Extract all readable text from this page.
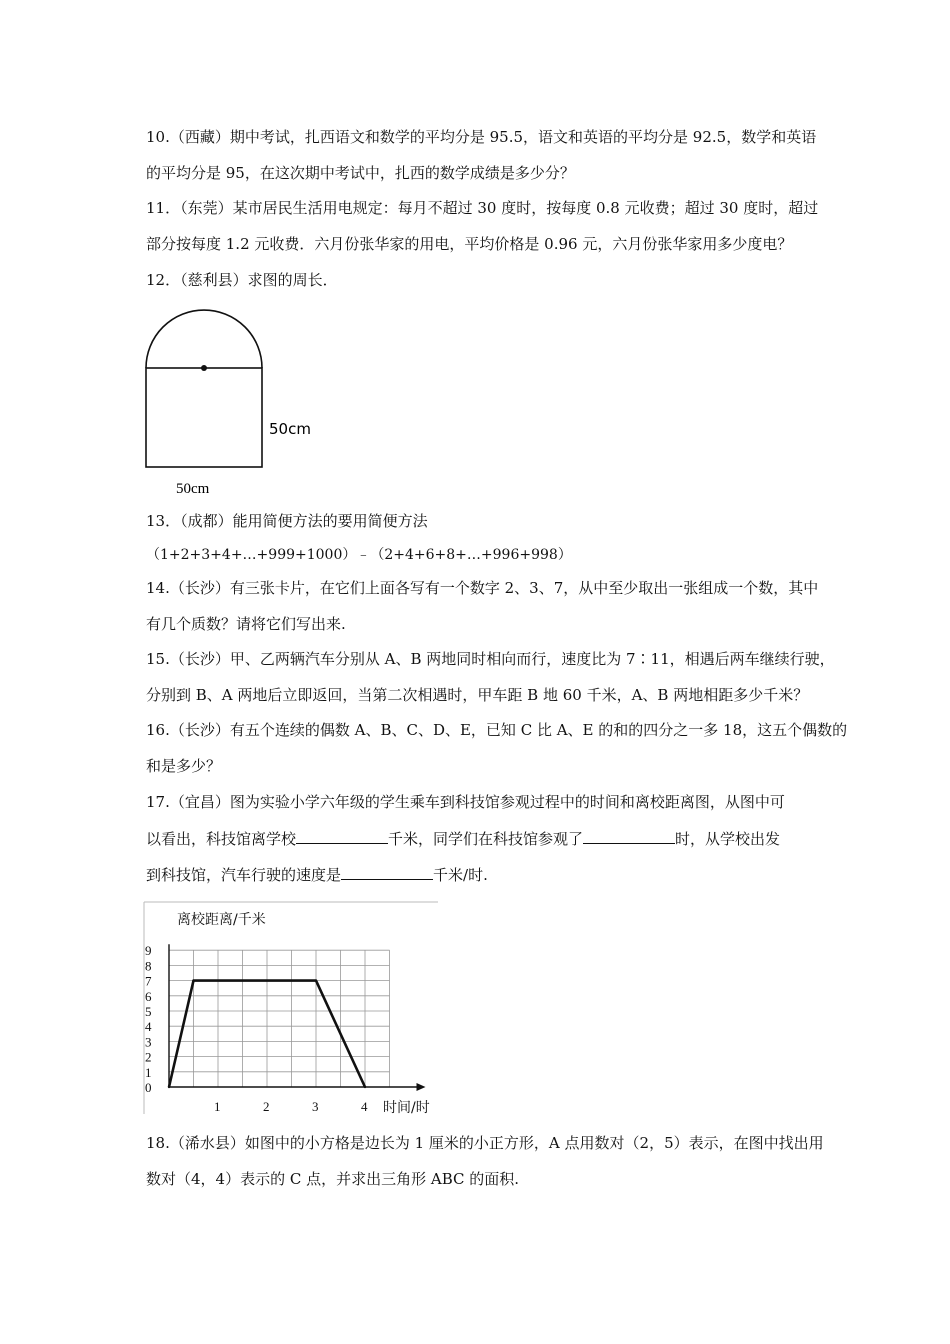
10.（西藏）期中考试，扎西语文和数学的平均分是 95.5，语文和英语的平均分是 92.5，数学和英语
的平均分是 95，在这次期中考试中，扎西的数学成绩是多少分？
11．（东莞）某市居民生活用电规定：每月不超过 30 度时，按每度 0.8 元收费；超过 30 度时，超过
部分按每度 1.2 元收费．六月份张华家的用电，平均价格是 0.96 元，六月份张华家用多少度电？
12．（慈利县）求图的周长．
50cm
50cm
13．（成都）能用简便方法的要用简便方法
（1+2+3+4+…+999+1000）﹣（2+4+6+8+…+996+998）
14.（长沙）有三张卡片，在它们上面各写有一个数字 2、3、7，从中至少取出一张组成一个数，其中
有几个质数？请将它们写出来.
15.（长沙）甲、乙两辆汽车分别从 A、B 两地同时相向而行，速度比为 7∶11，相遇后两车继续行驶，
分别到 B、A 两地后立即返回，当第二次相遇时，甲车距 B 地 60 千米，A、B 两地相距多少千米？
16.（长沙）有五个连续的偶数 A、B、C、D、E，已知 C 比 A、E 的和的四分之一多 18，这五个偶数的
和是多少？
17.（宜昌）图为实验小学六年级的学生乘车到科技馆参观过程中的时间和离校距离图，从图中可
以看出，科技馆离学校	千米，同学们在科技馆参观了	时，从学校出发
到科技馆，汽车行驶的速度是	千米/时.
0
1
2
3
4
5
6
7
8
9
1	2	3	4
离校距离/千米
时间/时
18.（浠水县）如图中的小方格是边长为 1 厘米的小正方形，A 点用数对（2，5）表示，在图中找出用
数对（4，4）表示的 C 点，并求出三角形 ABC 的面积.
